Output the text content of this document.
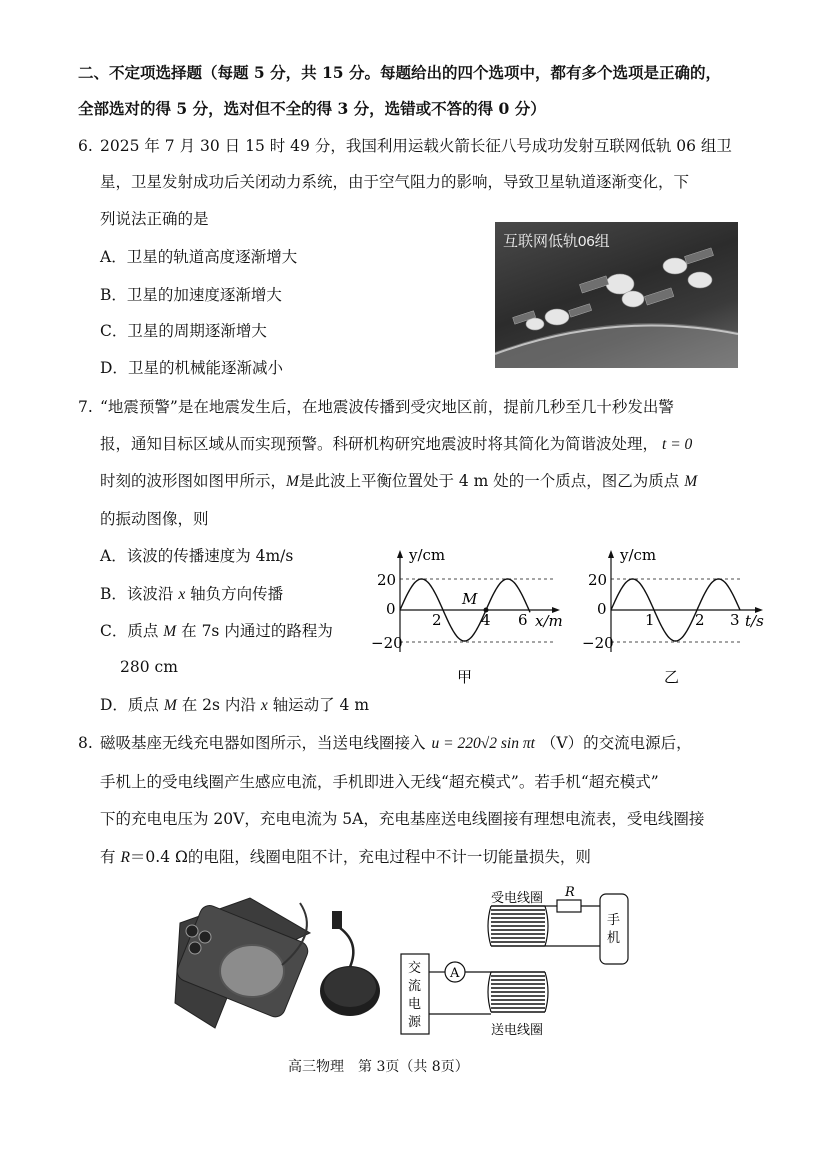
二、不定项选择题（每题 5 分，共 15 分。每题给出的四个选项中，都有多个选项是正确的，
全部选对的得 5 分，选对但不全的得 3 分，选错或不答的得 0 分）
6. 2025 年 7 月 30 日 15 时 49 分，我国利用运载火箭长征八号成功发射互联网低轨 06 组卫
星，卫星发射成功后关闭动力系统，由于空气阻力的影响，导致卫星轨道逐渐变化，下
列说法正确的是
A．卫星的轨道高度逐渐增大
B．卫星的加速度逐渐增大
C．卫星的周期逐渐增大
D．卫星的机械能逐渐减小
互联网低轨06组
7. “地震预警”是在地震发生后，在地震波传播到受灾地区前，提前几秒至几十秒发出警
报，通知目标区域从而实现预警。科研机构研究地震波时将其简化为简谐波处理， t = 0
时刻的波形图如图甲所示，M是此波上平衡位置处于 4 m 处的一个质点，图乙为质点 M
的振动图像，则
A．该波的传播速度为 4m/s
B．该波沿 x 轴负方向传播
C．质点 M 在 7s 内通过的路程为
280 cm
D．质点 M 在 2s 内沿 x 轴运动了 4 m
y/cm
x/m
20
0
−20
2	4 6
M
甲
y/cm
t/s
20
0
−20
1	2 3
乙
8. 磁吸基座无线充电器如图所示，当送电线圈接入 u = 220√2 sin πt （V）的交流电源后，
手机上的受电线圈产生感应电流，手机即进入无线“超充模式”。若手机“超充模式”
下的充电电压为 20V，充电电流为 5A，充电基座送电线圈接有理想电流表，受电线圈接
有 R＝0.4 Ω的电阻，线圈电阻不计，充电过程中不计一切能量损失，则
受电线圈 R
手
机
交
流
电
源
A
送电线圈
高三物理　第 3页（共 8页）
